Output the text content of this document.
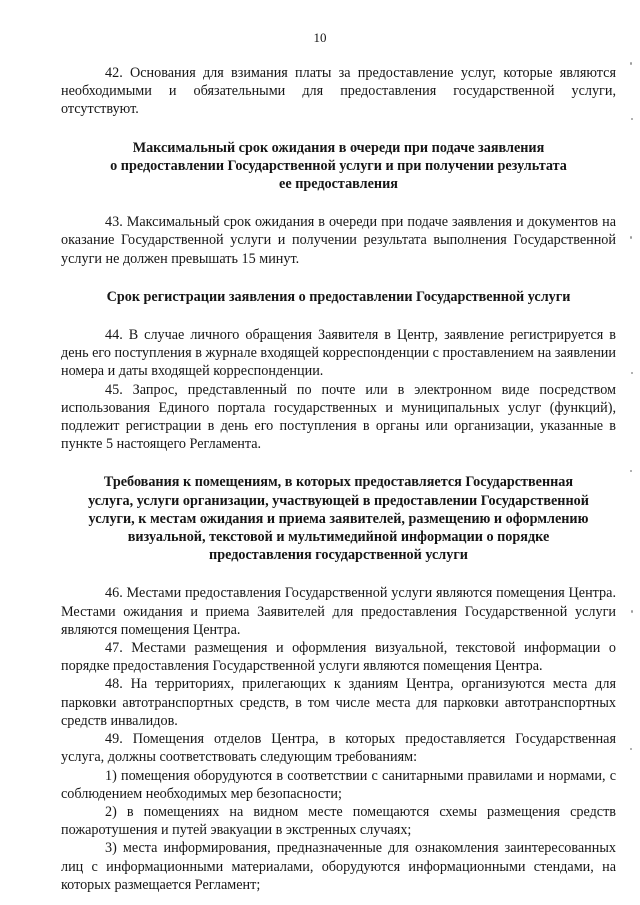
10

42. Основания для взимания платы за предоставление услуг, которые являются необходимыми и обязательными для предоставления государственной услуги, отсутствуют.

Максимальный срок ожидания в очереди при подаче заявления
о предоставлении Государственной услуги и при получении результата
ее предоставления

43. Максимальный срок ожидания в очереди при подаче заявления и документов на оказание Государственной услуги и получении результата выполнения Государственной услуги не должен превышать 15 минут.

Срок регистрации заявления о предоставлении Государственной услуги

44. В случае личного обращения Заявителя в Центр, заявление регистрируется в день его поступления в журнале входящей корреспонденции с проставлением на заявлении номера и даты входящей корреспонденции.

45. Запрос, представленный по почте или в электронном виде посредством использования Единого портала государственных и муниципальных услуг (функций), подлежит регистрации в день его поступления в органы или организации, указанные в пункте 5 настоящего Регламента.

Требования к помещениям, в которых предоставляется Государственная
услуга, услуги организации, участвующей в предоставлении Государственной
услуги, к местам ожидания и приема заявителей, размещению и оформлению
визуальной, текстовой и мультимедийной информации о порядке
предоставления государственной услуги

46. Местами предоставления Государственной услуги являются помещения Центра. Местами ожидания и приема Заявителей для предоставления Государственной услуги являются помещения Центра.

47. Местами размещения и оформления визуальной, текстовой информации о порядке предоставления Государственной услуги являются помещения Центра.

48. На территориях, прилегающих к зданиям Центра, организуются места для парковки автотранспортных средств, в том числе места для парковки автотранспортных средств инвалидов.

49. Помещения отделов Центра, в которых предоставляется Государственная услуга, должны соответствовать следующим требованиям:

1) помещения оборудуются в соответствии с санитарными правилами и нормами, с соблюдением необходимых мер безопасности;

2) в помещениях на видном месте помещаются схемы размещения средств пожаротушения и путей эвакуации в экстренных случаях;

3) места информирования, предназначенные для ознакомления заинтересованных лиц с информационными материалами, оборудуются информационными стендами, на которых размещается Регламент;
